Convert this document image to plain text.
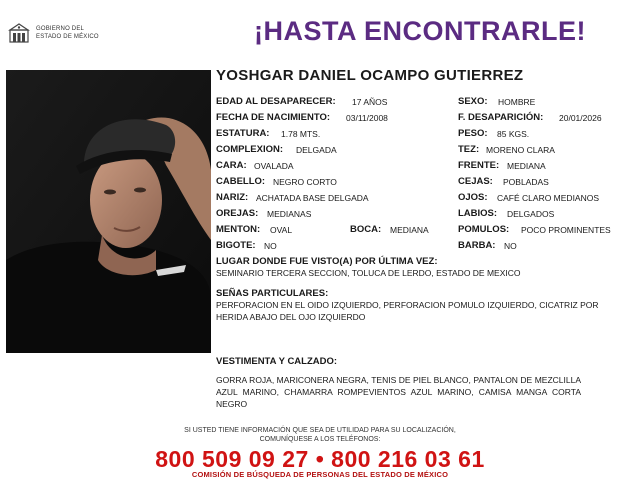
GOBIERNO DEL
ESTADO DE MÉXICO	¡HASTA ENCONTRARLE!
YOSHGAR DANIEL OCAMPO GUTIERREZ
EDAD AL DESAPARECER: 17 AÑOS
FECHA DE NACIMIENTO: 03/11/2008
ESTATURA: 1.78 MTS.
COMPLEXION: DELGADA
CARA: OVALADA
CABELLO: NEGRO CORTO
NARIZ: ACHATADA BASE DELGADA
OREJAS: MEDIANAS
MENTON: OVAL	BOCA: MEDIANA
BIGOTE: NO
SEXO: HOMBRE
F. DESAPARICIÓN: 20/01/2026
PESO: 85 KGS.
TEZ: MORENO CLARA
FRENTE: MEDIANA
CEJAS: POBLADAS
OJOS: CAFÉ CLARO MEDIANOS
LABIOS: DELGADOS
POMULOS: POCO PROMINENTES
BARBA: NO
LUGAR DONDE FUE VISTO(A) POR ÚLTIMA VEZ:
SEMINARIO TERCERA SECCION, TOLUCA DE LERDO, ESTADO DE MEXICO
SEÑAS PARTICULARES:
PERFORACION EN EL OIDO IZQUIERDO, PERFORACION POMULO IZQUIERDO, CICATRIZ POR HERIDA ABAJO DEL OJO IZQUIERDO
VESTIMENTA Y CALZADO:
GORRA ROJA, MARICONERA NEGRA, TENIS DE PIEL BLANCO, PANTALON DE MEZCLILLA AZUL MARINO, CHAMARRA ROMPEVIENTOS AZUL MARINO, CAMISA MANGA CORTA NEGRO
SI USTED TIENE INFORMACIÓN QUE SEA DE UTILIDAD PARA SU LOCALIZACIÓN,
COMUNÍQUESE A LOS TELÉFONOS:
800 509 09 27 • 800 216 03 61
COMISIÓN DE BÚSQUEDA DE PERSONAS DEL ESTADO DE MÉXICO
